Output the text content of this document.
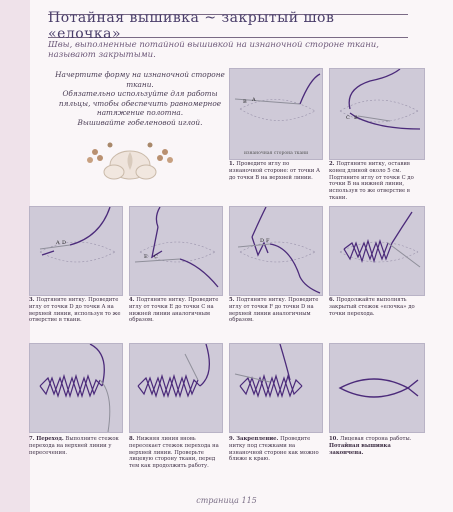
Потайная вышивка ~ закрытый шов «елочка»
Швы, выполненные потайной вышивкой на изнаночной стороне ткани, называют закрытыми.
Начертите форму на изнаночной стороне ткани.
Обязательно используйте для работы пяльцы, чтобы обеспечить равномерное натяжение полотна.
Вышивайте гобеленовой иглой.
B A
изнаночная сторона ткани
1. Проведите иглу по изнаночной стороне: от точки А до точки В на верхней линии.
C B
2. Подтяните нитку, оставив конец длиной около 5 см. Подтяните иглу от точки С до точки В на нижней линии, используя то же отверстие в ткани.
A D
3. Подтяните нитку. Проведите иглу от точки D до точки A на верхней линии, используя то же отверстие в ткани.
E C
4. Подтяните нитку. Проведите иглу от точки E до точки C на нижней линии аналогичным образом.
D F
5. Подтяните нитку. Проведите иглу от точки F до точки D на верхней линии аналогичным образом.
6. Продолжайте выполнять закрытый стежок «елочка» до точки перехода.
7. Переход. Выполните стежок перехода на верхней линии у пересечения.
8. Нижняя линия вновь пересекает стежок перехода на верхней линии. Проверьте лицевую сторону ткани, перед тем как продолжить работу.
9. Закрепление. Проведите нитку под стежками на изнаночной стороне как можно ближе к краю.
10. Лицевая сторона работы. Потайная вышивка закончена.
страница 115
